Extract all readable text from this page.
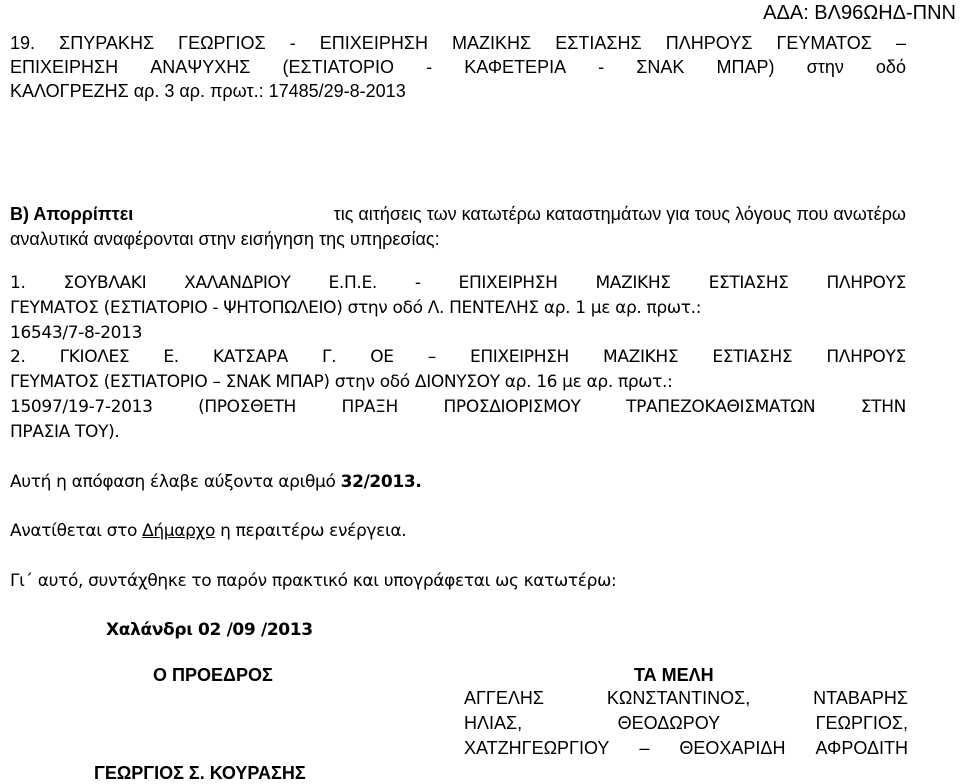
ΑΔΑ: ΒΛ96ΩΗΔ-ΠΝΝ
19. ΣΠΥΡΑΚΗΣ ΓΕΩΡΓΙΟΣ - ΕΠΙΧΕΙΡΗΣΗ ΜΑΖΙΚΗΣ ΕΣΤΙΑΣΗΣ ΠΛΗΡΟΥΣ ΓΕΥΜΑΤΟΣ –
ΕΠΙΧΕΙΡΗΣΗ ΑΝΑΨΥΧΗΣ (ΕΣΤΙΑΤΟΡΙΟ - ΚΑΦΕΤΕΡΙΑ - ΣΝΑΚ ΜΠΑΡ) στην οδό
ΚΑΛΟΓΡΕΖΗΣ αρ. 3 αρ. πρωτ.: 17485/29-8-2013
Β) Απορρίπτει	τις αιτήσεις των κατωτέρω καταστημάτων για τους λόγους που ανωτέρω
αναλυτικά αναφέρονται στην εισήγηση της υπηρεσίας:
1. ΣΟΥΒΛΑΚΙ ΧΑΛΑΝΔΡΙΟΥ Ε.Π.Ε. - ΕΠΙΧΕΙΡΗΣΗ ΜΑΖΙΚΗΣ ΕΣΤΙΑΣΗΣ ΠΛΗΡΟΥΣ
ΓΕΥΜΑΤΟΣ (ΕΣΤΙΑΤΟΡΙΟ - ΨΗΤΟΠΩΛΕΙΟ) στην οδό Λ. ΠΕΝΤΕΛΗΣ αρ. 1 με αρ. πρωτ.:
16543/7-8-2013
2. ΓΚΙΟΛΕΣ Ε. ΚΑΤΣΑΡΑ Γ. ΟΕ – ΕΠΙΧΕΙΡΗΣΗ ΜΑΖΙΚΗΣ ΕΣΤΙΑΣΗΣ ΠΛΗΡΟΥΣ
ΓΕΥΜΑΤΟΣ (ΕΣΤΙΑΤΟΡΙΟ – ΣΝΑΚ ΜΠΑΡ) στην οδό ΔΙΟΝΥΣΟΥ αρ. 16 με αρ. πρωτ.:
15097/19-7-2013	(ΠΡΟΣΘΕΤΗ	ΠΡΑΞΗ	ΠΡΟΣΔΙΟΡΙΣΜΟΥ	ΤΡΑΠΕΖΟΚΑΘΙΣΜΑΤΩΝ	ΣΤΗΝ
ΠΡΑΣΙΑ ΤΟΥ).
Αυτή η απόφαση έλαβε αύξοντα αριθμό 32/2013.
Ανατίθεται στο Δήμαρχο η περαιτέρω ενέργεια.
Γι΄ αυτό, συντάχθηκε το παρόν πρακτικό και υπογράφεται ως κατωτέρω:
Χαλάνδρι 02 /09 /2013
Ο ΠΡΟΕΔΡΟΣ
ΓΕΩΡΓΙΟΣ Σ. ΚΟΥΡΑΣΗΣ
ΤΑ ΜΕΛΗ
ΑΓΓΕΛΗΣ	ΚΩΝΣΤΑΝΤΙΝΟΣ,	ΝΤΑΒΑΡΗΣ
ΗΛΙΑΣ,	ΘΕΟΔΩΡΟΥ	ΓΕΩΡΓΙΟΣ,
ΧΑΤΖΗΓΕΩΡΓΙΟΥ – ΘΕΟΧΑΡΙΔΗ ΑΦΡΟΔΙΤΗ
